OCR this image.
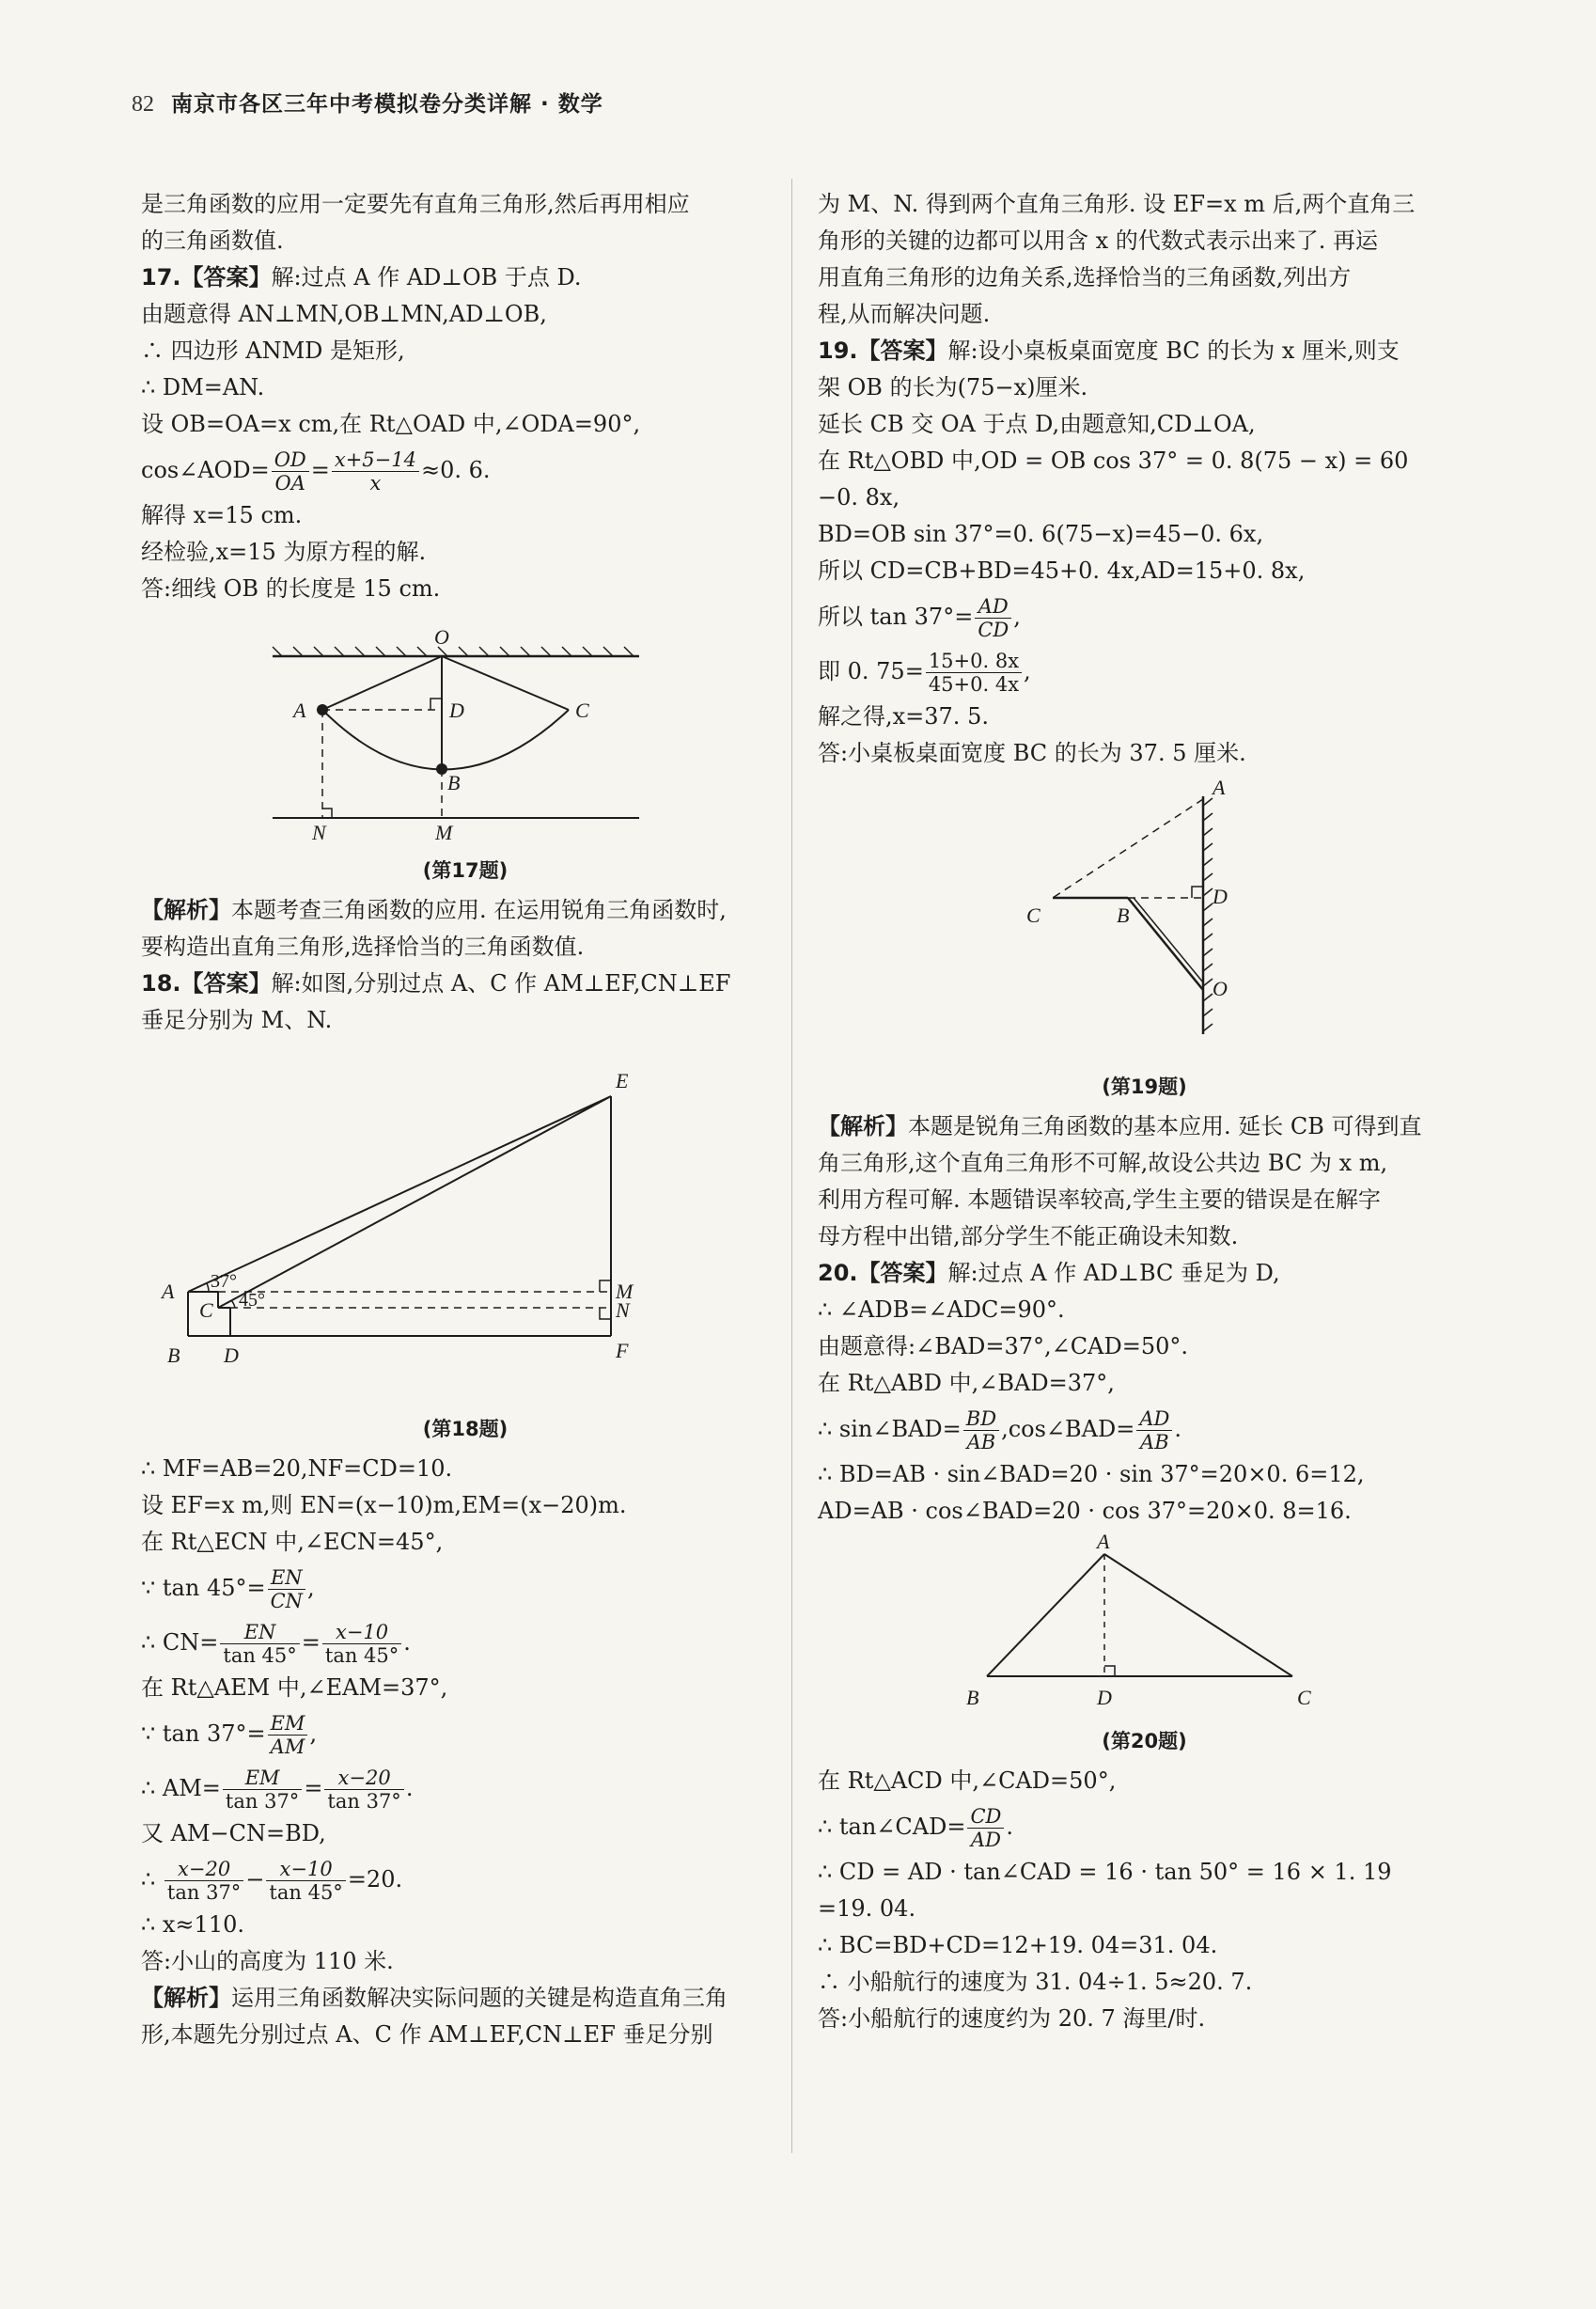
82 南京市各区三年中考模拟卷分类详解 · 数学

是三角函数的应用一定要先有直角三角形,然后再用相应

的三角函数值.

17.【答案】解:过点 A 作 AD⊥OB 于点 D.

由题意得 AN⊥MN,OB⊥MN,AD⊥OB,

∴ 四边形 ANMD 是矩形,

∴ DM=AN.

设 OB=OA=x cm,在 Rt△OAD 中,∠ODA=90°,

cos∠AOD= $\frac{OD}{OA} = \frac{x+5-14}{x} \approx 0$. 6.

解得 x=15 cm.

经检验,x=15 为原方程的解.

答:细线 OB 的长度是 15 cm.

O
A	D	C
B
N	M
(第17题)

【解析】本题考查三角函数的应用. 在运用锐角三角函数时,

要构造出直角三角形,选择恰当的三角函数值.

18.【答案】解:如图,分别过点 A、C 作 AM⊥EF,CN⊥EF

垂足分别为 M、N.

E
A	M
C	N
B D	F
37°
45°
(第18题)

∴ MF=AB=20,NF=CD=10.

设 EF=x m,则 EN=(x−10)m,EM=(x−20)m.

在 Rt△ECN 中,∠ECN=45°,

∵ $\tan 45^\circ= \frac{EN}{CN}$ ,

∴ $CN= \frac{EN}{\tan 45^\circ} = \frac{x-10}{\tan 45^\circ}$ .

在 Rt△AEM 中,∠EAM=37°,

∵ $\tan 37^\circ= \frac{EM}{AM}$ ,

∴ $AM= \frac{EM}{\tan 37^\circ} = \frac{x-20}{\tan 37^\circ}$ .

又 AM−CN=BD,

∴ $\frac{x-20}{\tan 37^\circ} - \frac{x-10}{\tan 45^\circ} =20$.

∴ x≈110.

答:小山的高度为 110 米.

【解析】运用三角函数解决实际问题的关键是构造直角三角

形,本题先分别过点 A、C 作 AM⊥EF,CN⊥EF 垂足分别

为 M、N. 得到两个直角三角形. 设 EF=x m 后,两个直角三

角形的关键的边都可以用含 x 的代数式表示出来了. 再运

用直角三角形的边角关系,选择恰当的三角函数,列出方

程,从而解决问题.

19.【答案】解:设小桌板桌面宽度 BC 的长为 x 厘米,则支

架 OB 的长为(75−x)厘米.

延长 CB 交 OA 于点 D,由题意知,CD⊥OA,

在 Rt△OBD 中,OD = OB cos 37° = 0. 8(75 − x) = 60

−0. 8x,

BD=OB sin 37°=0. 6(75−x)=45−0. 6x,

所以 CD=CB+BD=45+0. 4x,AD=15+0. 8x,

所以 $\tan 37^\circ= \frac{AD}{CD}$ ,

即 0. $75= \frac{15+0. 8x}{45+0. 4x}$ ,

解之得,x=37. 5.

答:小桌板桌面宽度 BC 的长为 37. 5 厘米.

A
C	B
D
O
(第19题)

【解析】本题是锐角三角函数的基本应用. 延长 CB 可得到直

角三角形,这个直角三角形不可解,故设公共边 BC 为 x m,

利用方程可解. 本题错误率较高,学生主要的错误是在解字

母方程中出错,部分学生不能正确设未知数.

20.【答案】解:过点 A 作 AD⊥BC 垂足为 D,

∴ ∠ADB=∠ADC=90°.

由题意得:∠BAD=37°,∠CAD=50°.

在 Rt△ABD 中,∠BAD=37°,

∴ sin∠BAD= $\frac{BD}{AB}$ ,cos∠BAD= $\frac{AD}{AB}$ .

∴ BD=AB · sin∠BAD=20 · sin 37°=20×0. 6=12,

AD=AB · cos∠BAD=20 · cos 37°=20×0. 8=16.

A
B	D	C
(第20题)

在 Rt△ACD 中,∠CAD=50°,

∴ tan∠CAD= $\frac{CD}{AD}$ .

∴ CD = AD · tan∠CAD = 16 · tan 50° = 16 × 1. 19

=19. 04.

∴ BC=BD+CD=12+19. 04=31. 04.

∴ 小船航行的速度为 31. 04÷1. 5≈20. 7.

答:小船航行的速度约为 20. 7 海里/时.
